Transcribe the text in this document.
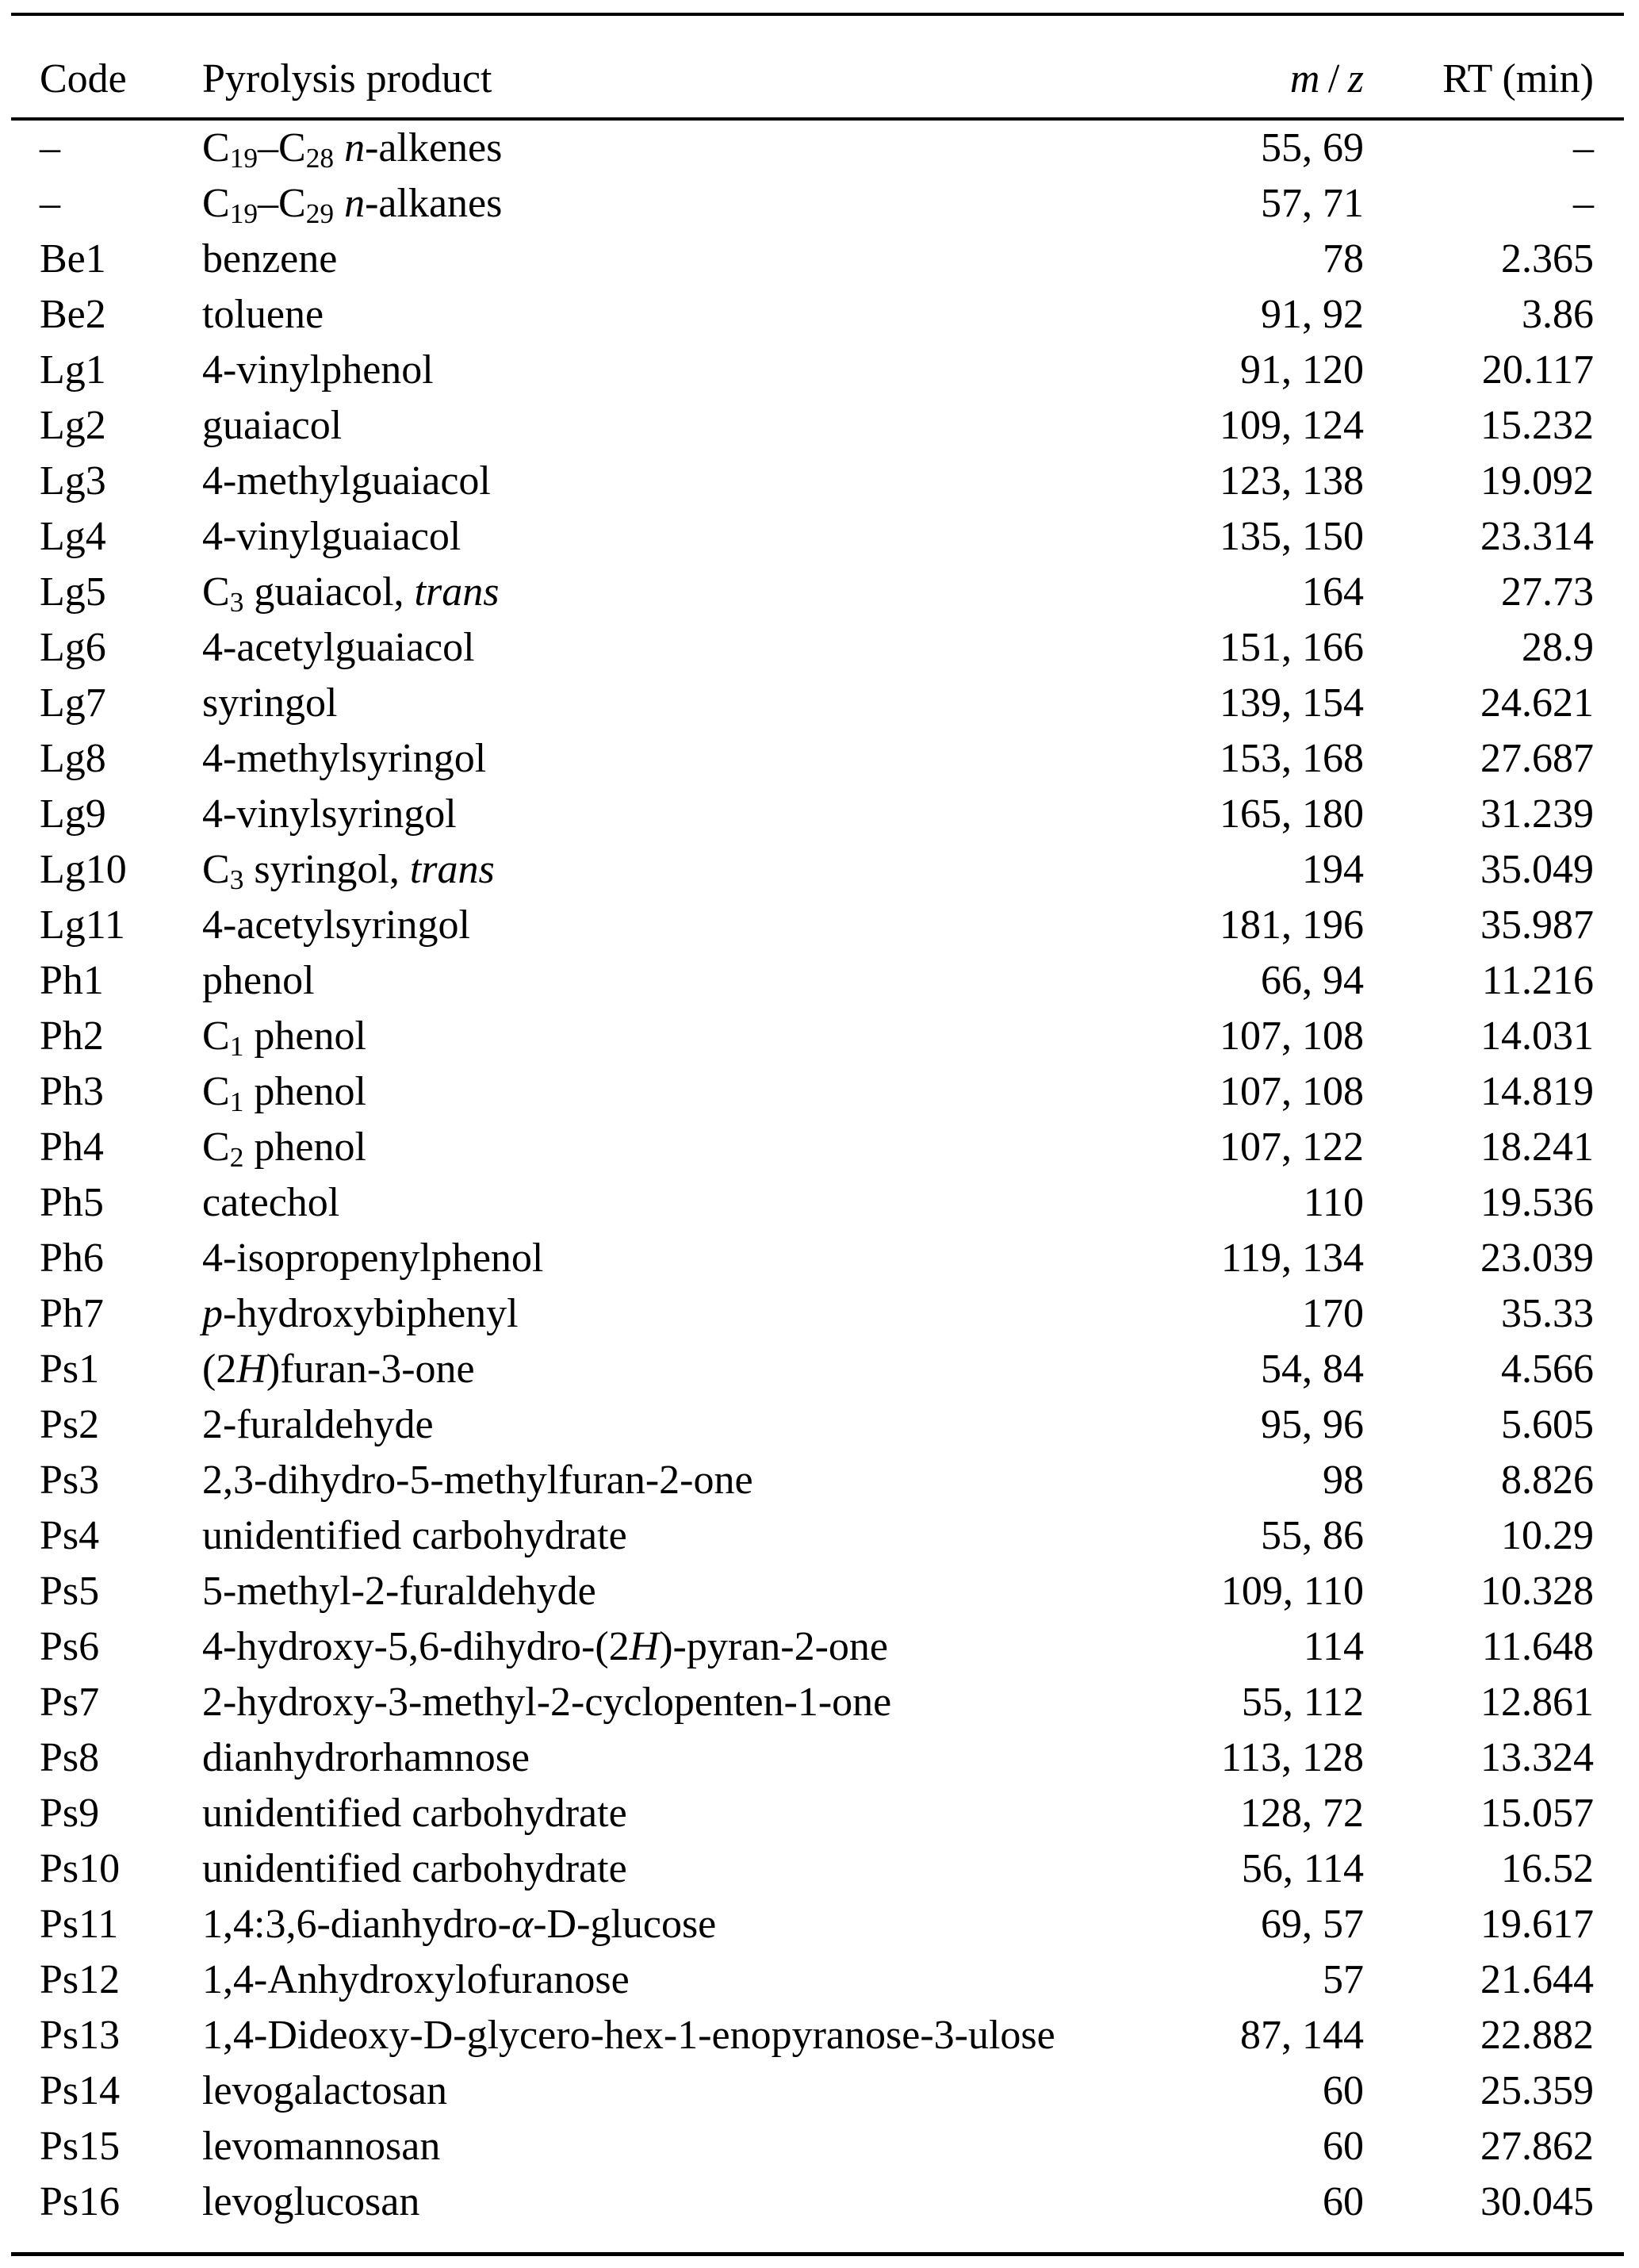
Code	Pyrolysis product	m / z	RT (min)
–	$C_{19}-C_{28}$ n-alkenes	55, 69	–
–	$C_{19}-C_{29}$ n-alkanes	57, 71	–
Be1	benzene	78	2.365
Be2	toluene	91, 92	3.86
Lg1	4-vinylphenol	91, 120	20.117
Lg2	guaiacol	109, 124	15.232
Lg3	4-methylguaiacol	123, 138	19.092
Lg4	4-vinylguaiacol	135, 150	23.314
Lg5	$C_3$ guaiacol, trans	164	27.73
Lg6	4-acetylguaiacol	151, 166	28.9
Lg7	syringol	139, 154	24.621
Lg8	4-methylsyringol	153, 168	27.687
Lg9	4-vinylsyringol	165, 180	31.239
Lg10	$C_3$ syringol, trans	194	35.049
Lg11	4-acetylsyringol	181, 196	35.987
Ph1	phenol	66, 94	11.216
Ph2	$C_1$ phenol	107, 108	14.031
Ph3	$C_1$ phenol	107, 108	14.819
Ph4	$C_2$ phenol	107, 122	18.241
Ph5	catechol	110	19.536
Ph6	4-isopropenylphenol	119, 134	23.039
Ph7	p-hydroxybiphenyl	170	35.33
Ps1	(2H)furan-3-one	54, 84	4.566
Ps2	2-furaldehyde	95, 96	5.605
Ps3	2,3-dihydro-5-methylfuran-2-one	98	8.826
Ps4	unidentified carbohydrate	55, 86	10.29
Ps5	5-methyl-2-furaldehyde	109, 110	10.328
Ps6	4-hydroxy-5,6-dihydro-(2H)-pyran-2-one	114	11.648
Ps7	2-hydroxy-3-methyl-2-cyclopenten-1-one	55, 112	12.861
Ps8	dianhydrorhamnose	113, 128	13.324
Ps9	unidentified carbohydrate	128, 72	15.057
Ps10	unidentified carbohydrate	56, 114	16.52
Ps11	1,4:3,6-dianhydro-α-D-glucose	69, 57	19.617
Ps12	1,4-Anhydroxylofuranose	57	21.644
Ps13	1,4-Dideoxy-D-glycero-hex-1-enopyranose-3-ulose	87, 144	22.882
Ps14	levogalactosan	60	25.359
Ps15	levomannosan	60	27.862
Ps16	levoglucosan	60	30.045
